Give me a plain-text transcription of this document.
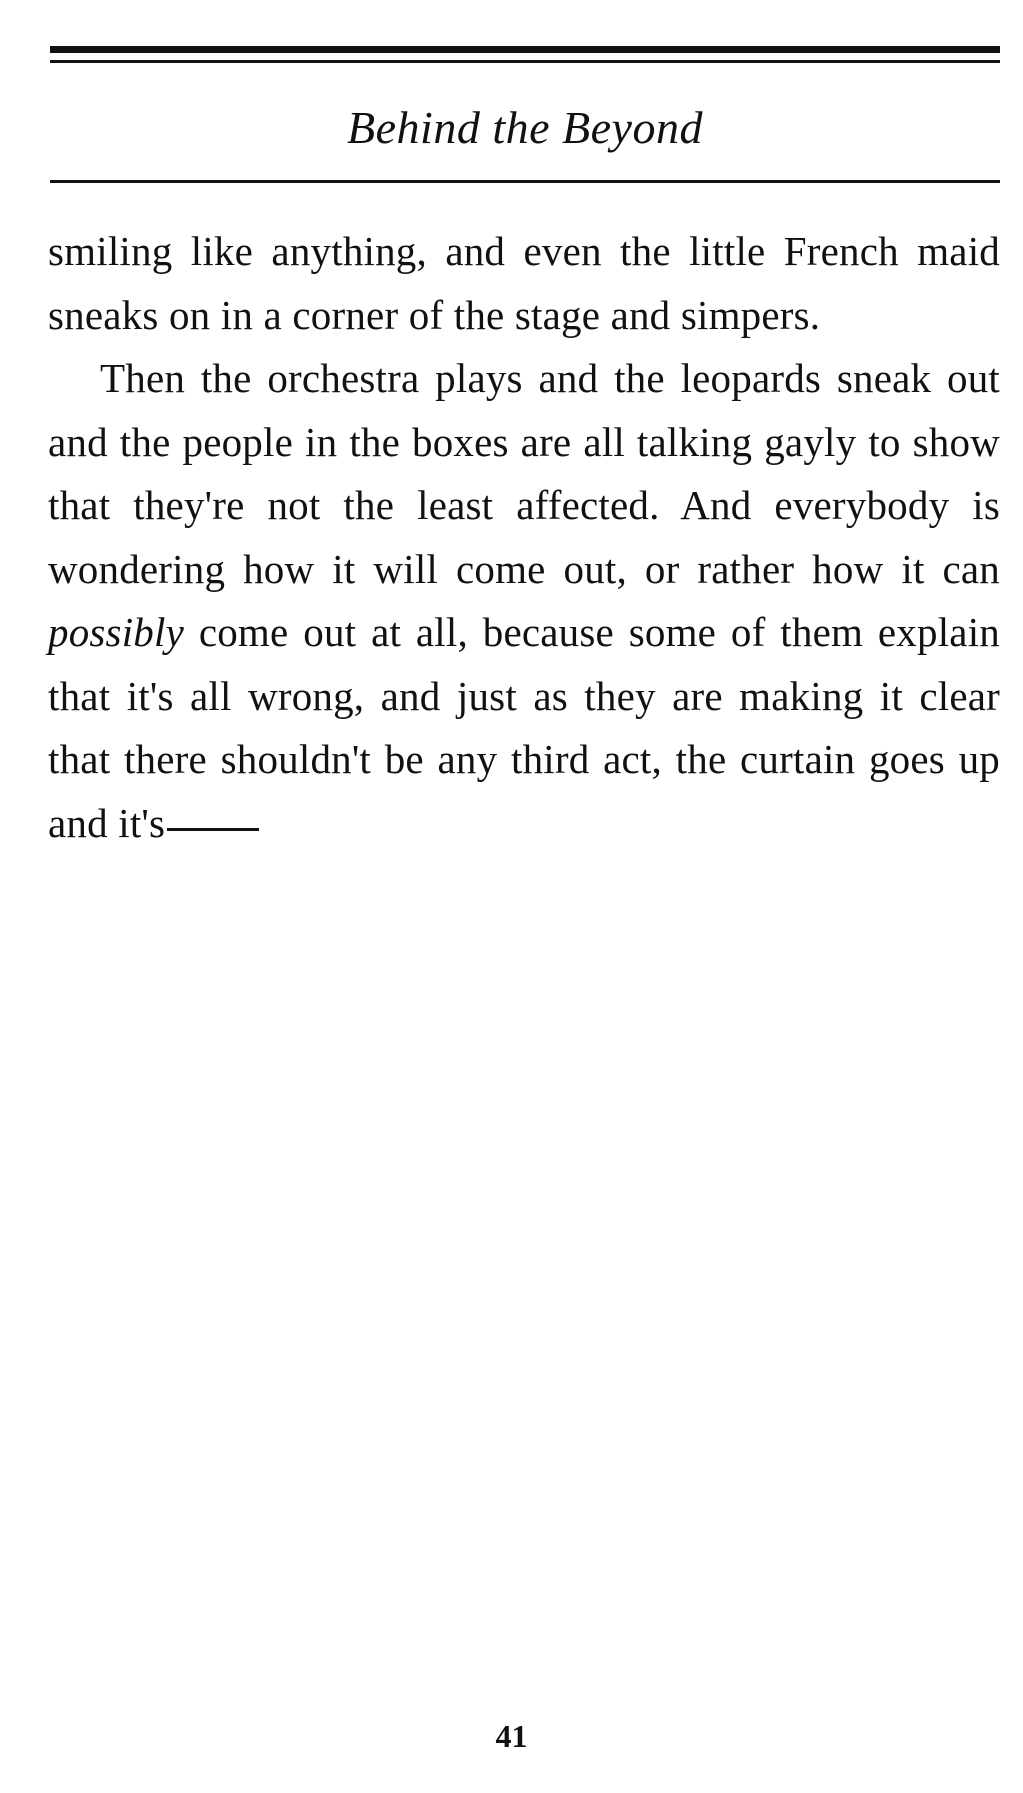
Behind the Beyond

smiling like anything, and even the little French maid sneaks on in a corner of the stage and simpers.

Then the orchestra plays and the leopards sneak out and the people in the boxes are all talking gayly to show that they're not the least affected. And everybody is wondering how it will come out, or rather how it can possibly come out at all, because some of them explain that it's all wrong, and just as they are making it clear that there shouldn't be any third act, the curtain goes up and it's

41
